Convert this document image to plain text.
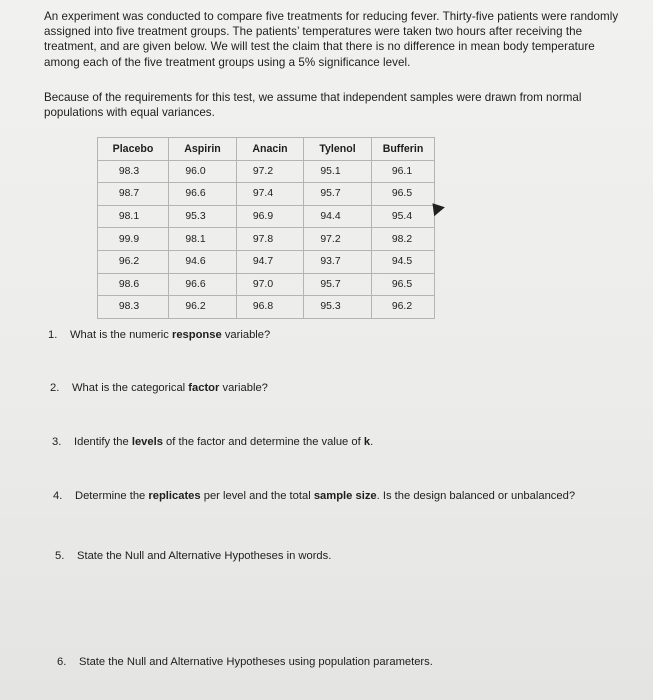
An experiment was conducted to compare five treatments for reducing fever. Thirty-five patients were randomly assigned into five treatment groups. The patients’ temperatures were taken two hours after receiving the treatment, and are given below. We will test the claim that there is no difference in mean body temperature among each of the five treatment groups using a 5% significance level.
Because of the requirements for this test, we assume that independent samples were drawn from normal populations with equal variances.
Placebo	Aspirin	Anacin	Tylenol	Bufferin
98.3	96.0	97.2	95.1	96.1
98.7	96.6	97.4	95.7	96.5
98.1	95.3	96.9	94.4	95.4
99.9	98.1	97.8	97.2	98.2
96.2	94.6	94.7	93.7	94.5
98.6	96.6	97.0	95.7	96.5
98.3	96.2	96.8	95.3	96.2
1. What is the numeric response variable?
2. What is the categorical factor variable?
3. Identify the levels of the factor and determine the value of k.
4. Determine the replicates per level and the total sample size. Is the design balanced or unbalanced?
5. State the Null and Alternative Hypotheses in words.
6. State the Null and Alternative Hypotheses using population parameters.
